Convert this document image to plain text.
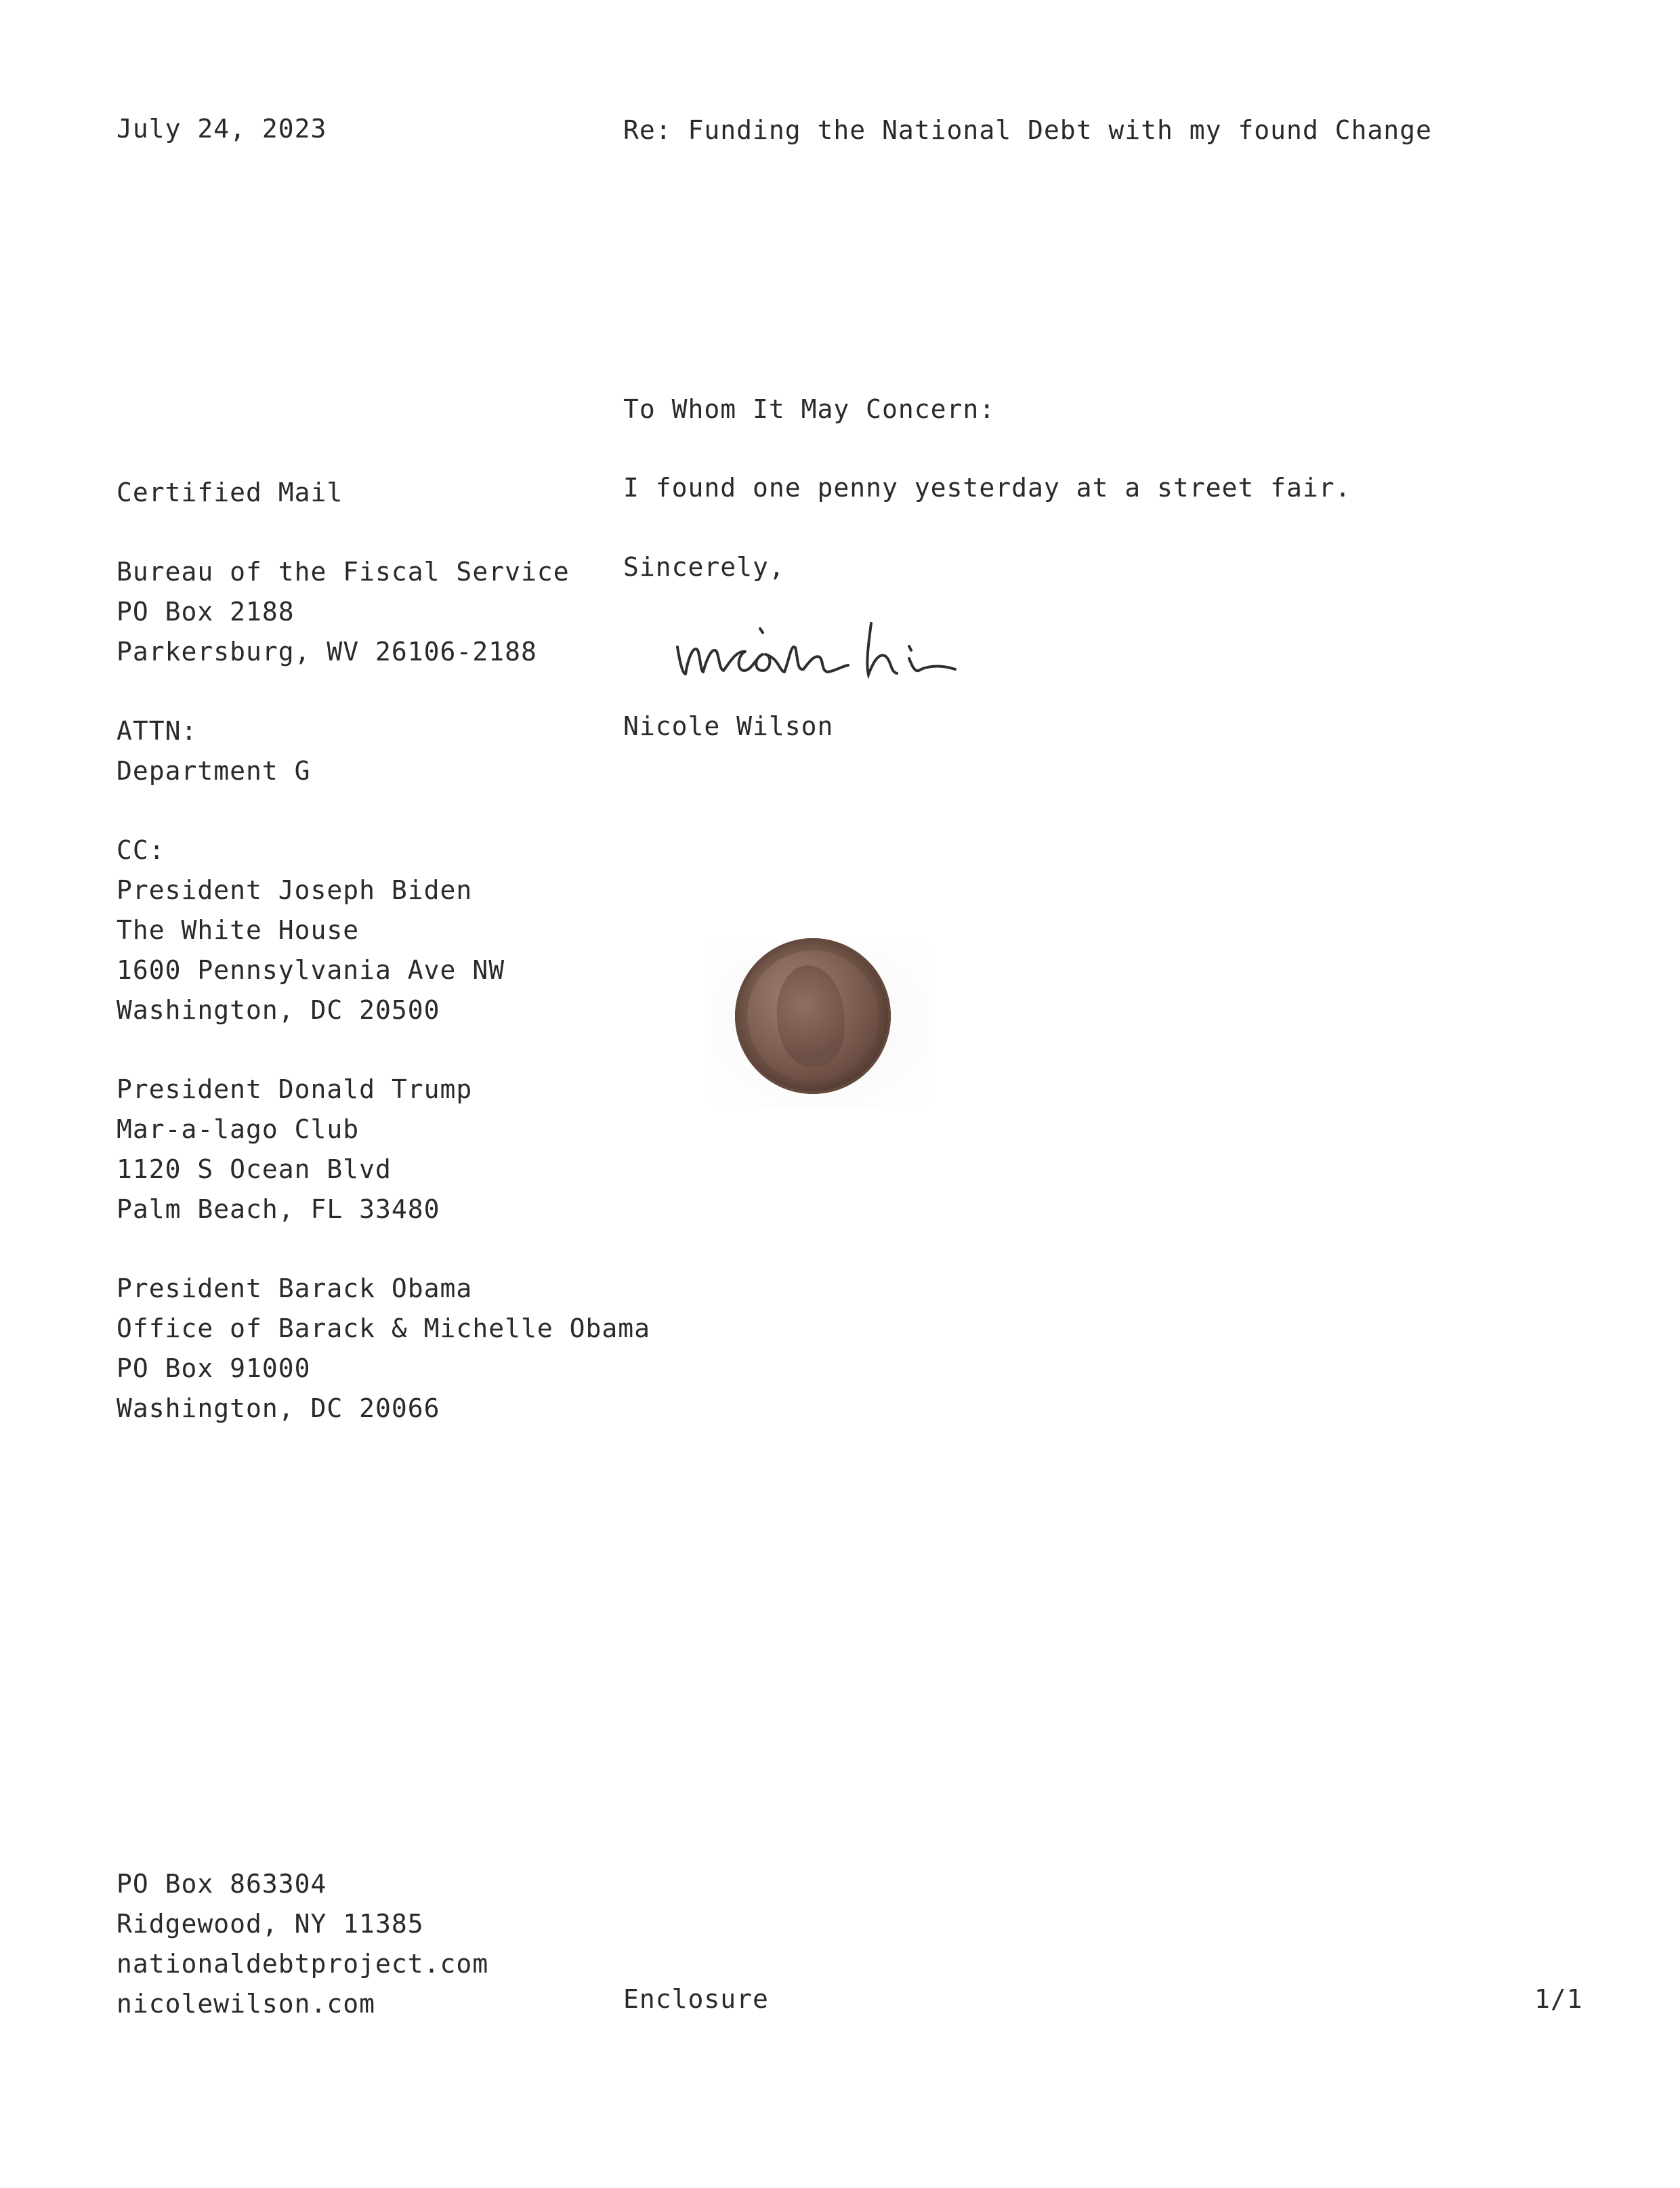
July 24, 2023	Re: Funding the National Debt with my found Change
To Whom It May Concern:
I found one penny yesterday at a street fair.
Sincerely,
Nicole Wilson
Certified Mail
Bureau of the Fiscal Service
PO Box 2188
Parkersburg, WV 26106-2188
ATTN:
Department G
CC:
President Joseph Biden
The White House
1600 Pennsylvania Ave NW
Washington, DC 20500
President Donald Trump
Mar-a-lago Club
1120 S Ocean Blvd
Palm Beach, FL 33480
President Barack Obama
Office of Barack & Michelle Obama
PO Box 91000
Washington, DC 20066
PO Box 863304
Ridgewood, NY 11385
nationaldebtproject.com
nicolewilson.com	Enclosure	1/1
